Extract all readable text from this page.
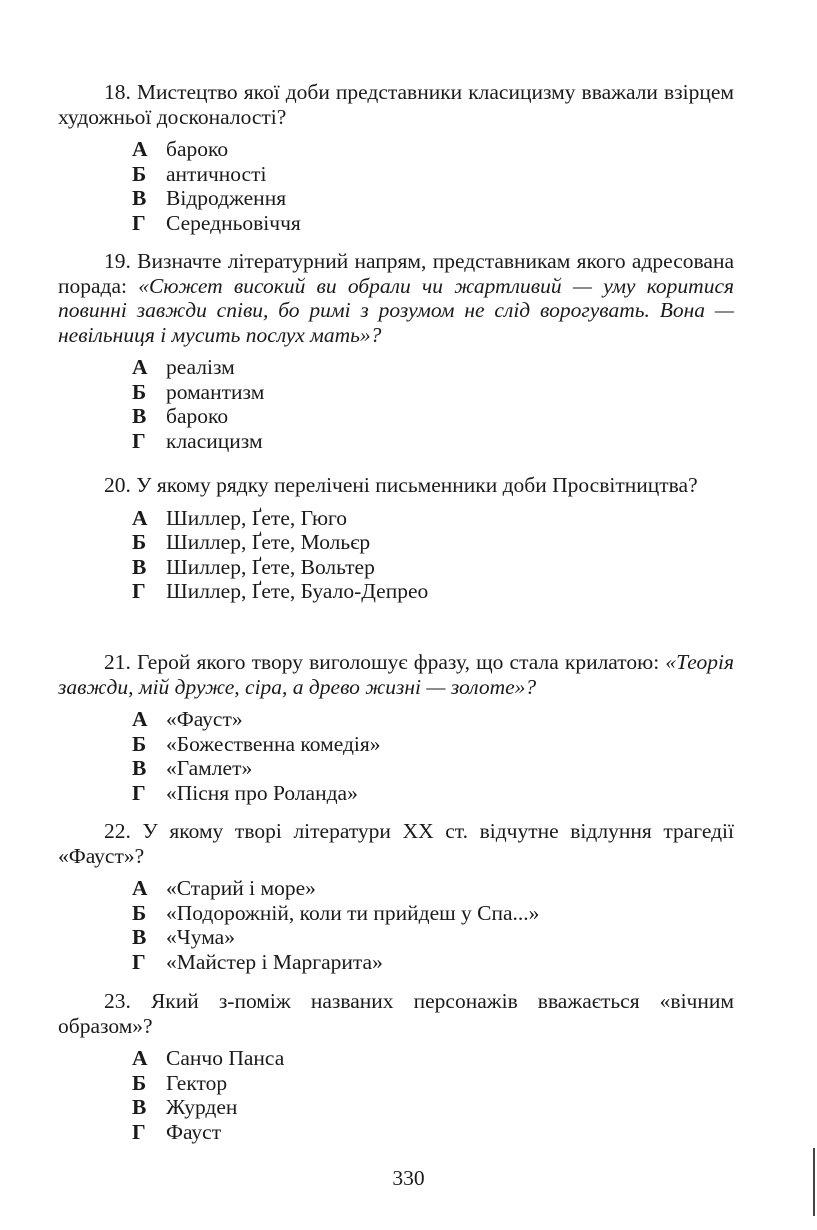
18. Мистецтво якої доби представники класицизму вважали взірцем художньої досконалості?
А бароко
Б античності
В Відродження
Г Середньовіччя
19. Визначте літературний напрям, представникам якого адресована порада: «Сюжет високий ви обрали чи жартливий — уму коритися повинні завжди співи, бо римі з розумом не слід ворогувать. Вона — невільниця і мусить послух мать»?
А реалізм
Б романтизм
В бароко
Г класицизм
20. У якому рядку перелічені письменники доби Просвітництва?
А Шиллер, Ґете, Гюго
Б Шиллер, Ґете, Мольєр
В Шиллер, Ґете, Вольтер
Г Шиллер, Ґете, Буало-Депрео
21. Герой якого твору виголошує фразу, що стала крилатою: «Теорія завжди, мій друже, сіра, а древо жизні — золоте»?
А «Фауст»
Б «Божественна комедія»
В «Гамлет»
Г «Пісня про Роланда»
22. У якому творі літератури XX ст. відчутне відлуння трагедії «Фауст»?
А «Старий і море»
Б «Подорожній, коли ти прийдеш у Спа...»
В «Чума»
Г «Майстер і Маргарита»
23. Який з-поміж названих персонажів вважається «вічним образом»?
А Санчо Панса
Б Гектор
В Журден
Г Фауст
330
